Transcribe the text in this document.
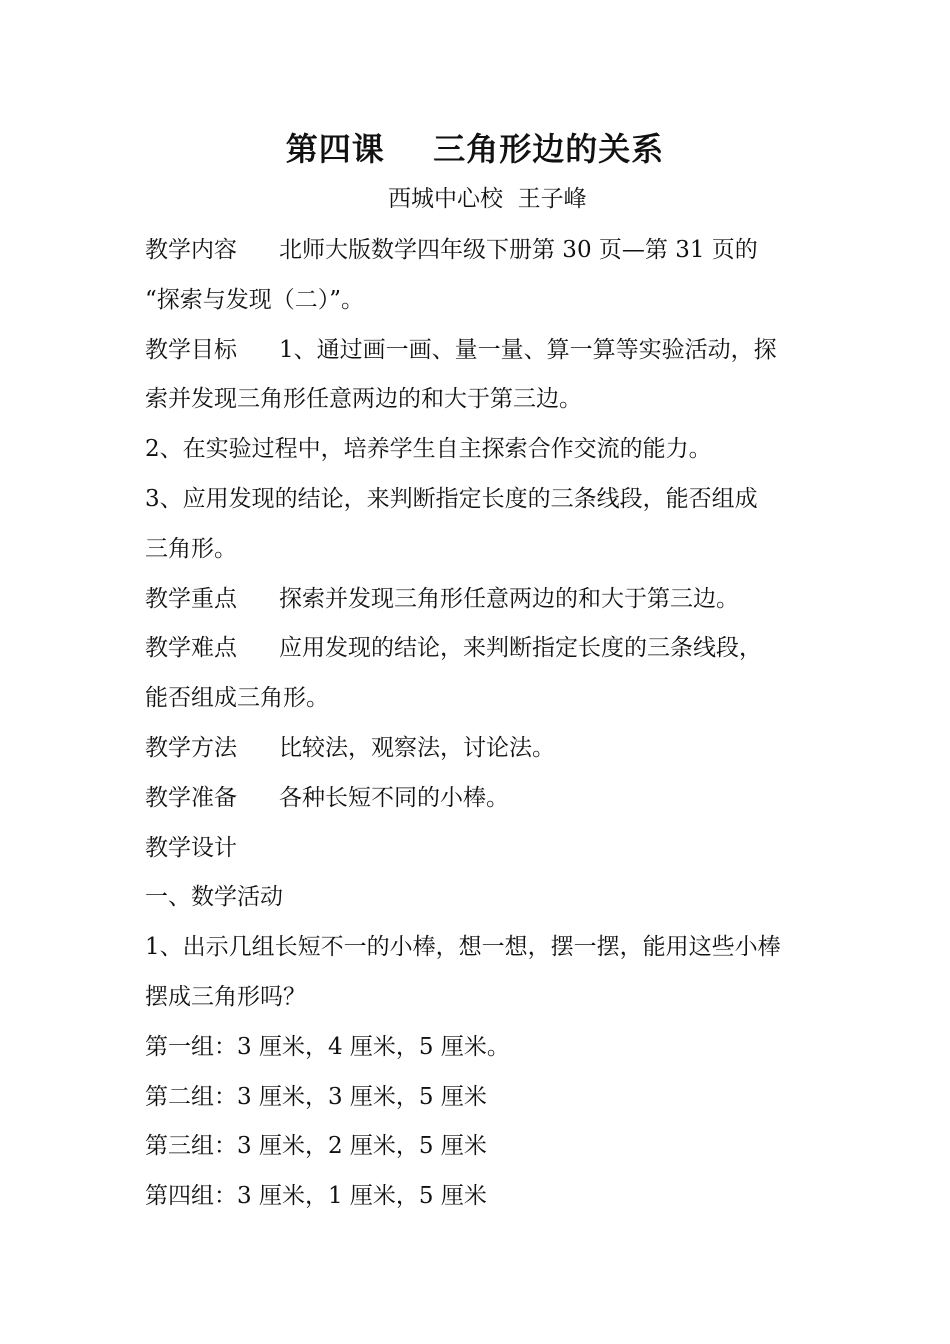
第四课    三角形边的关系
西城中心校  王子峰
教学内容 北师大版数学四年级下册第 30 页—第 31 页的
“探索与发现（二）”。
教学目标 1、通过画一画、量一量、算一算等实验活动，探
索并发现三角形任意两边的和大于第三边。
2、在实验过程中，培养学生自主探索合作交流的能力。
3、应用发现的结论，来判断指定长度的三条线段，能否组成
三角形。
教学重点 探索并发现三角形任意两边的和大于第三边。
教学难点 应用发现的结论，来判断指定长度的三条线段，
能否组成三角形。
教学方法 比较法，观察法，讨论法。
教学准备 各种长短不同的小棒。
教学设计
一、数学活动
1、出示几组长短不一的小棒，想一想，摆一摆，能用这些小棒
摆成三角形吗？
第一组：3 厘米，4 厘米，5 厘米。
第二组：3 厘米，3 厘米，5 厘米
第三组：3 厘米，2 厘米，5 厘米
第四组：3 厘米，1 厘米，5 厘米
